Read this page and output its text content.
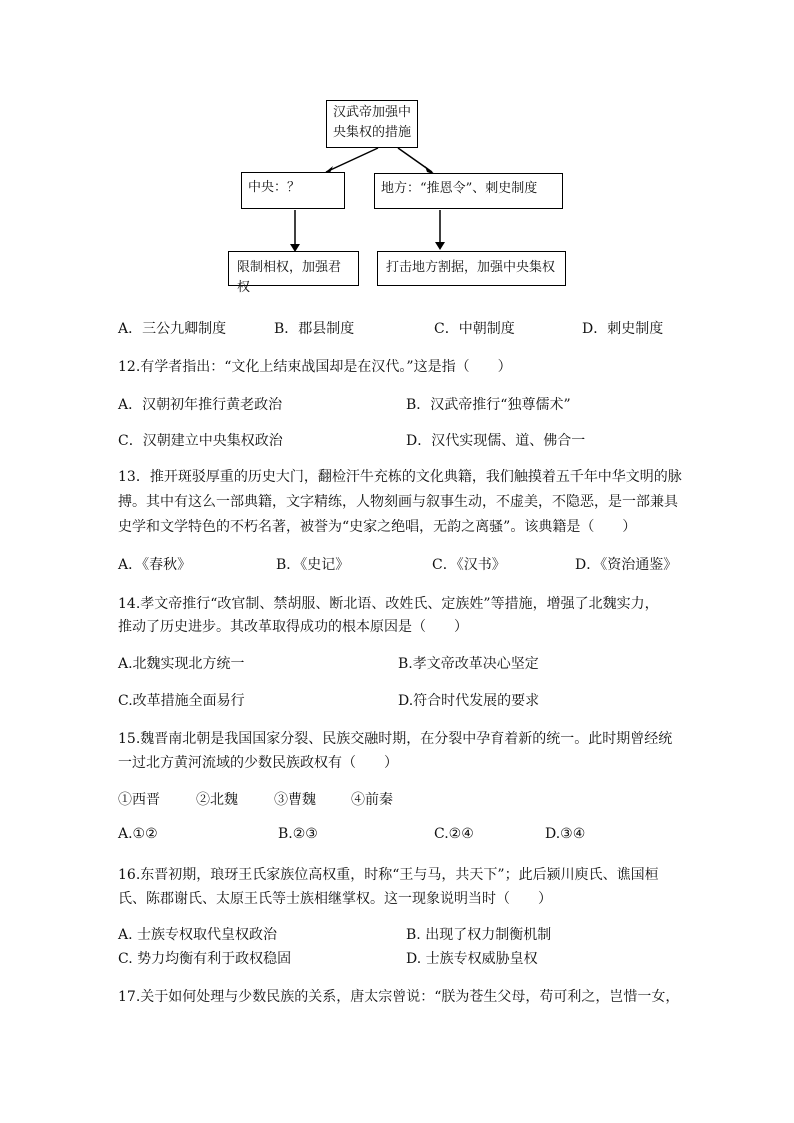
汉武帝加强中
央集权的措施
中央：？	地方：“推恩令”、刺史制度
限制相权，加强君权
打击地方割据，加强中央集权
A．三公九卿制度	B．郡县制度	C．中朝制度	D．刺史制度
12.有学者指出：“文化上结束战国却是在汉代。”这是指（　　）
A．汉朝初年推行黄老政治	B．汉武帝推行“独尊儒术”
C．汉朝建立中央集权政治	D．汉代实现儒、道、佛合一
13．推开斑驳厚重的历史大门，翻检汗牛充栋的文化典籍，我们触摸着五千年中华文明的脉
搏。其中有这么一部典籍，文字精练，人物刻画与叙事生动，不虚美，不隐恶，是一部兼具
史学和文学特色的不朽名著，被誉为“史家之绝唱，无韵之离骚”。该典籍是（　　）
A．《春秋》	B．《史记》	C．《汉书》	D．《资治通鉴》
14.孝文帝推行“改官制、禁胡服、断北语、改姓氏、定族姓”等措施，增强了北魏实力，
推动了历史进步。其改革取得成功的根本原因是（　　）
A.北魏实现北方统一	B.孝文帝改革决心坚定
C.改革措施全面易行	D.符合时代发展的要求
15.魏晋南北朝是我国国家分裂、民族交融时期，在分裂中孕育着新的统一。此时期曾经统
一过北方黄河流域的少数民族政权有（　　）
①西晋	②北魏	③曹魏	④前秦
A.①②	B.②③	C.②④	D.③④
16.东晋初期，琅玡王氏家族位高权重，时称“王与马，共天下”；此后颍川庾氏、谯国桓
氏、陈郡谢氏、太原王氏等士族相继掌权。这一现象说明当时（　　）
A. 士族专权取代皇权政治	B. 出现了权力制衡机制
C. 势力均衡有利于政权稳固	D. 士族专权威胁皇权
17.关于如何处理与少数民族的关系，唐太宗曾说：“朕为苍生父母，苟可利之，岂惜一女，
